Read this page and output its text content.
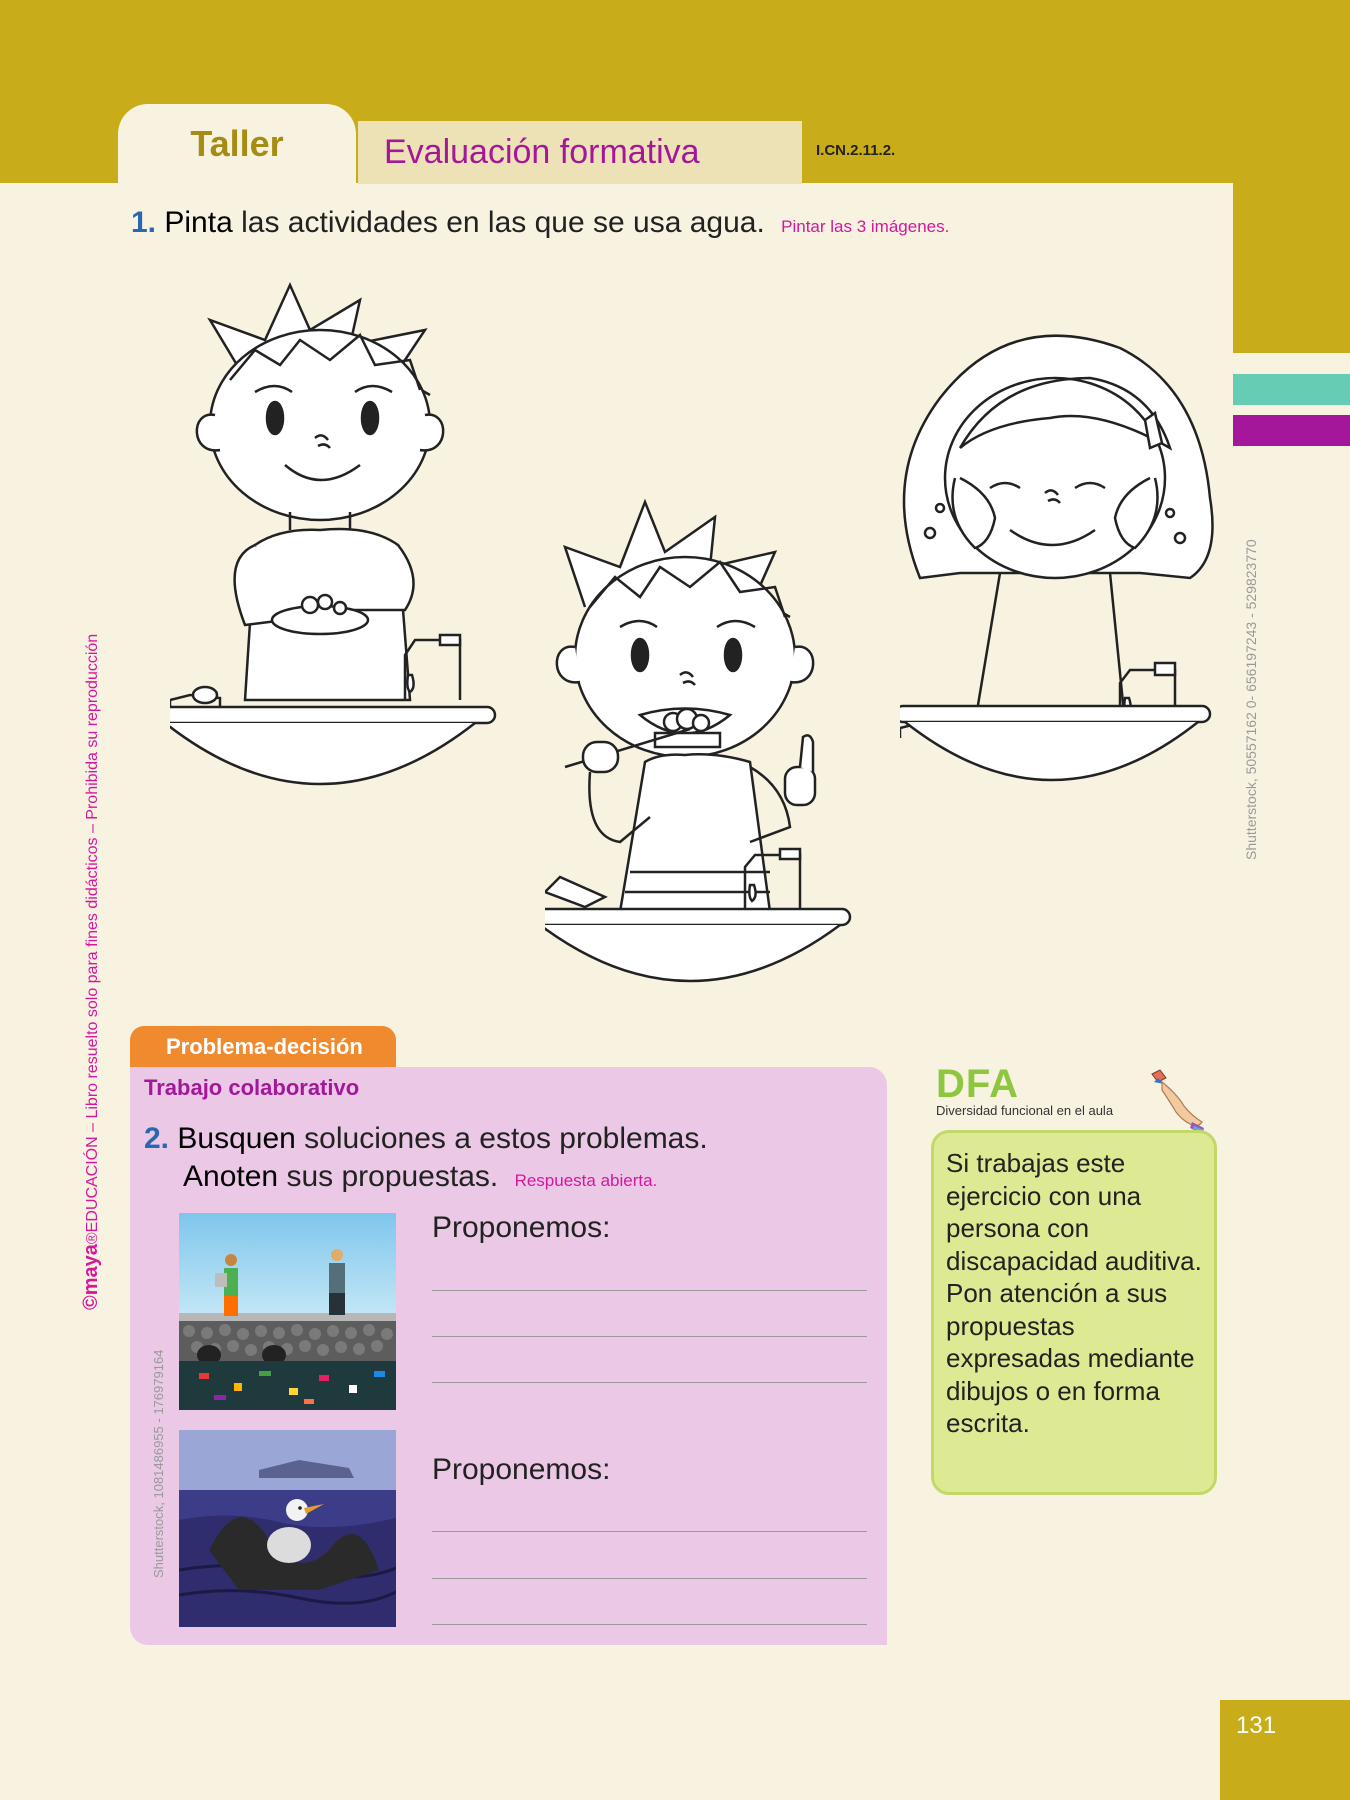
Taller	Evaluación formativa	I.CN.2.11.2.
1. Pinta las actividades en las que se usa agua. Pintar las 3 imágenes.
©maya®EDUCACIÓN – Libro resuelto solo para fines didácticos – Prohibida su reproducción	Shutterstock, 50557162 0- 656197243 - 529823770
Problema-decisión
Trabajo colaborativo
2. Busquen soluciones a estos problemas.
Anoten sus propuestas. Respuesta abierta.
Shutterstock, 1081486955 - 176979164
Proponemos:
Proponemos:
DFA
Diversidad funcional en el aula

Si trabajas este ejercicio con una persona con discapacidad auditiva. Pon atención a sus propuestas expresadas mediante dibujos o en forma escrita.

131
